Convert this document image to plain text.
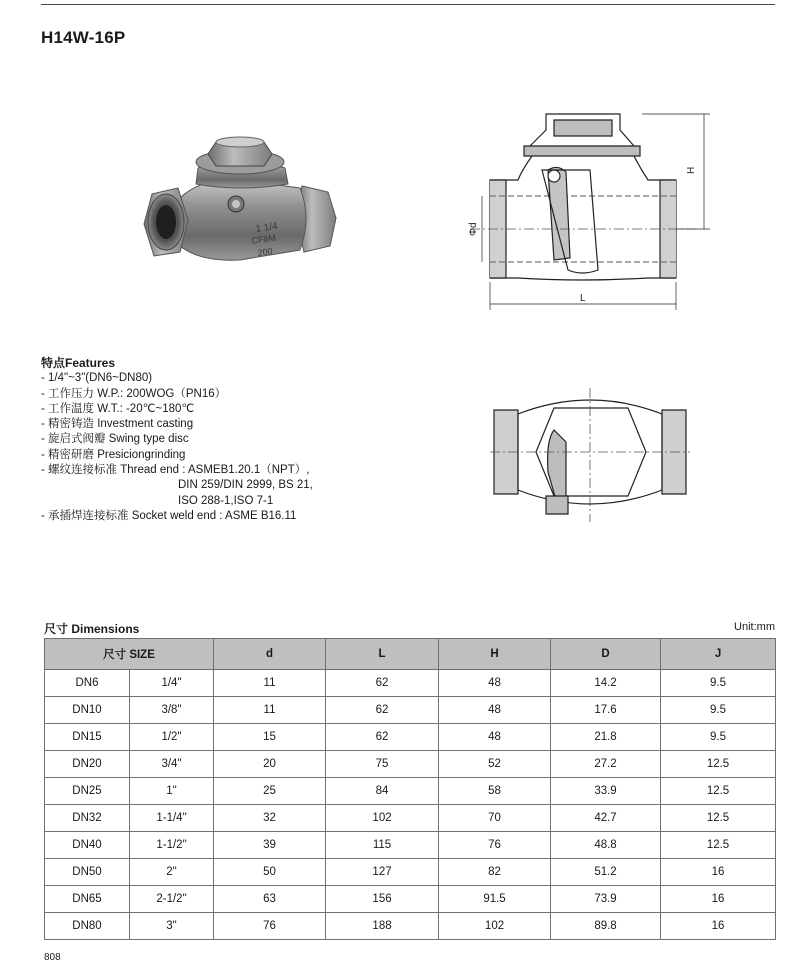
H14W-16P
1 1/4
CF8M
200
H
Φd
L
特点Features
- 1/4"~3"(DN6~DN80)
- 工作压力 W.P.: 200WOG（PN16）
- 工作温度 W.T.: -20℃~180℃
- 精密铸造 Investment casting
- 旋启式阀瓣 Swing type disc
- 精密研磨 Presiciongrinding
- 螺纹连接标准 Thread end : ASMEB1.20.1（NPT）,
DIN 259/DIN 2999, BS 21,
ISO 288-1,ISO 7-1
- 承插焊连接标准 Socket weld end : ASME B16.11
尺寸 Dimensions	Unit:mm
尺寸 SIZE		d	L	H	D	J
DN6	1/4"	11	62	48	14.2	9.5
DN10	3/8"	11	62	48	17.6	9.5
DN15	1/2"	15	62	48	21.8	9.5
DN20	3/4"	20	75	52	27.2	12.5
DN25	1"	25	84	58	33.9	12.5
DN32	1-1/4"	32	102	70	42.7	12.5
DN40	1-1/2"	39	115	76	48.8	12.5
DN50	2"	50	127	82	51.2	16
DN65	2-1/2"	63	156	91.5	73.9	16
DN80	3"	76	188	102	89.8	16
808
